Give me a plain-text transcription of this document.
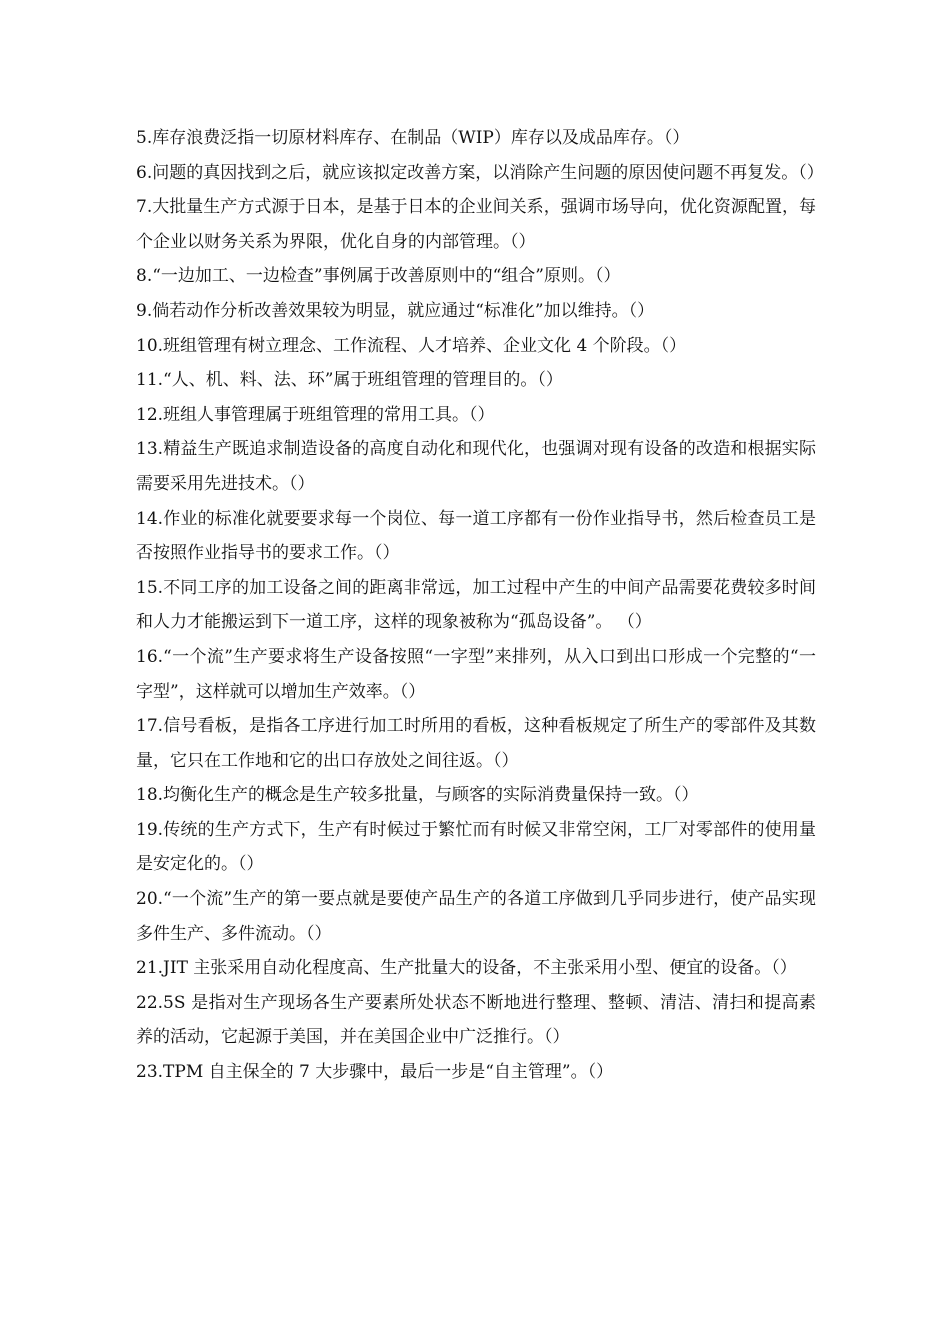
5.库存浪费泛指一切原材料库存、在制品（WIP）库存以及成品库存。（）

6.问题的真因找到之后，就应该拟定改善方案，以消除产生问题的原因使问题不再复发。（）

7.大批量生产方式源于日本，是基于日本的企业间关系，强调市场导向，优化资源配置，每个企业以财务关系为界限，优化自身的内部管理。（）

8.“一边加工、一边检查”事例属于改善原则中的“组合”原则。（）

9.倘若动作分析改善效果较为明显，就应通过“标准化”加以维持。（）

10.班组管理有树立理念、工作流程、人才培养、企业文化 4 个阶段。（）

11.“人、机、料、法、环”属于班组管理的管理目的。（）

12.班组人事管理属于班组管理的常用工具。（）

13.精益生产既追求制造设备的高度自动化和现代化，也强调对现有设备的改造和根据实际需要采用先进技术。（）

14.作业的标准化就要要求每一个岗位、每一道工序都有一份作业指导书，然后检查员工是否按照作业指导书的要求工作。（）

15.不同工序的加工设备之间的距离非常远，加工过程中产生的中间产品需要花费较多时间和人力才能搬运到下一道工序，这样的现象被称为“孤岛设备”。 （）

16.“一个流”生产要求将生产设备按照“一字型”来排列，从入口到出口形成一个完整的“一字型”，这样就可以增加生产效率。（）

17.信号看板，是指各工序进行加工时所用的看板，这种看板规定了所生产的零部件及其数量，它只在工作地和它的出口存放处之间往返。（）

18.均衡化生产的概念是生产较多批量，与顾客的实际消费量保持一致。（）

19.传统的生产方式下，生产有时候过于繁忙而有时候又非常空闲，工厂对零部件的使用量是安定化的。（）

20.“一个流”生产的第一要点就是要使产品生产的各道工序做到几乎同步进行，使产品实现多件生产、多件流动。（）

21.JIT 主张采用自动化程度高、生产批量大的设备，不主张采用小型、便宜的设备。（）

22.5S 是指对生产现场各生产要素所处状态不断地进行整理、整顿、清洁、清扫和提高素养的活动，它起源于美国，并在美国企业中广泛推行。（）

23.TPM 自主保全的 7 大步骤中，最后一步是“自主管理”。（）
